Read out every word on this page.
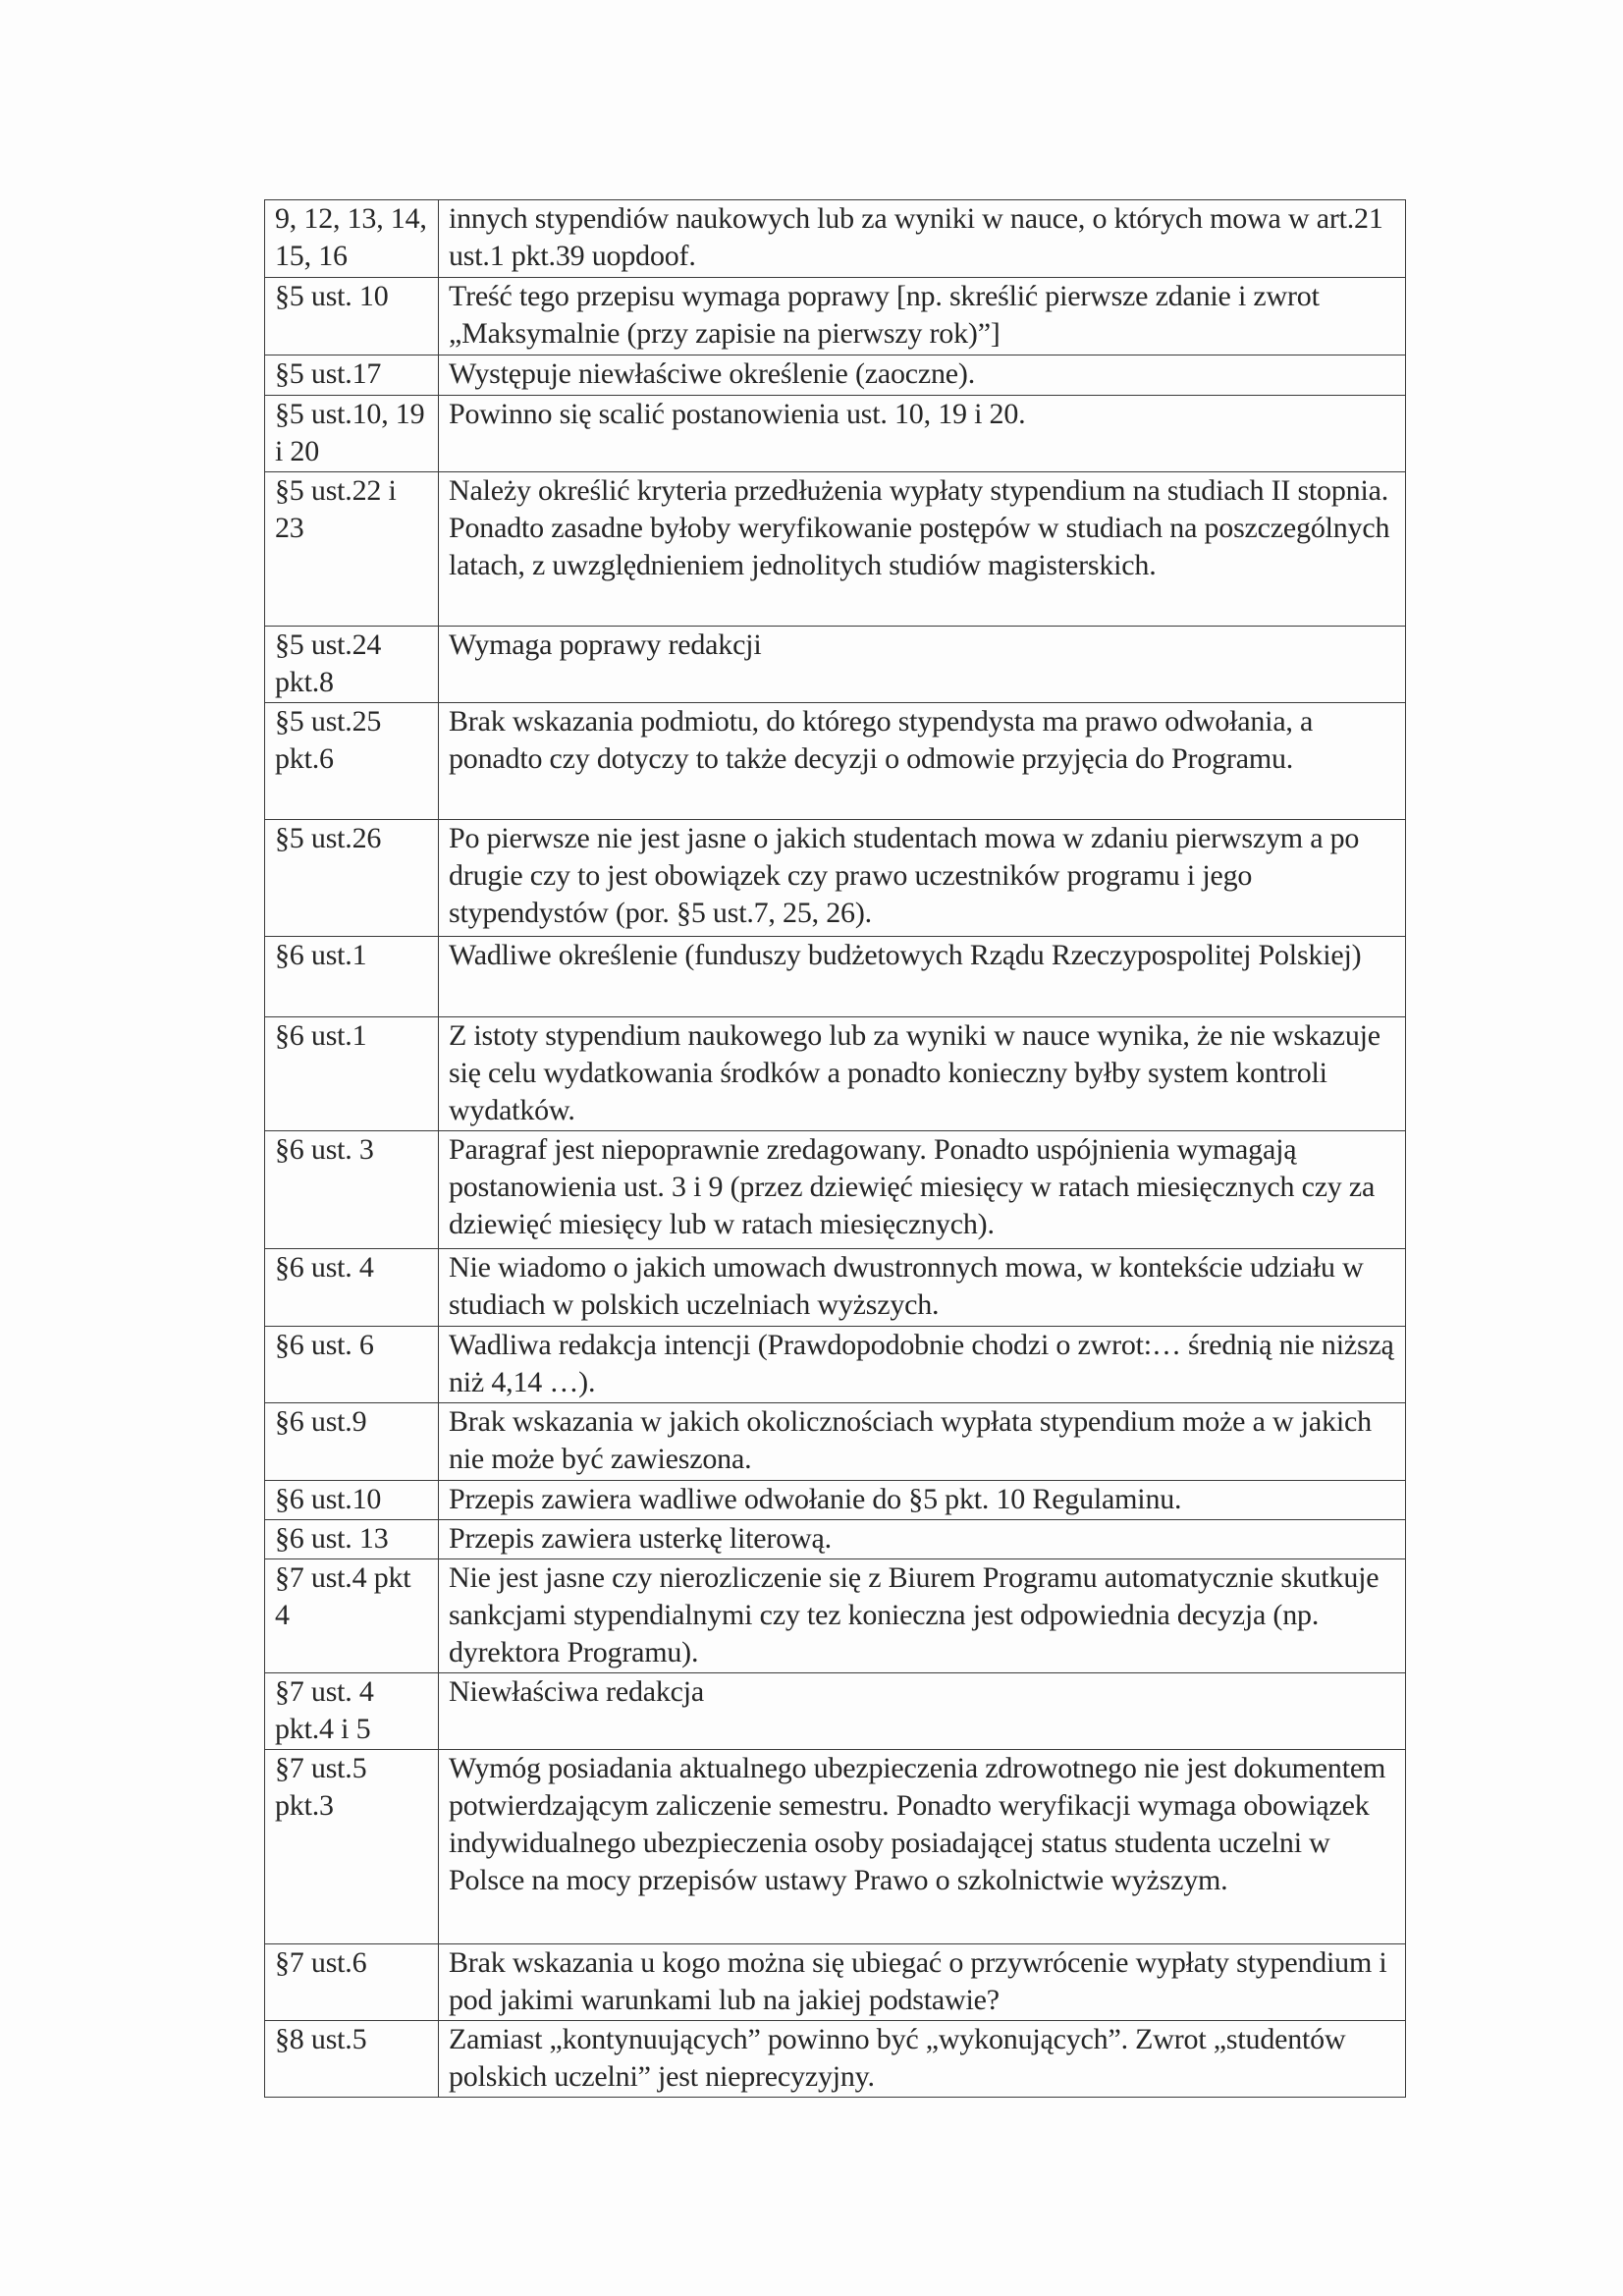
9, 12, 13, 14, 15, 16	innych stypendiów naukowych lub za wyniki w nauce, o których mowa w art.21 ust.1 pkt.39 uopdoof.
§5 ust. 10	Treść tego przepisu wymaga poprawy [np. skreślić pierwsze zdanie i zwrot „Maksymalnie (przy zapisie na pierwszy rok)”]
§5 ust.17	Występuje niewłaściwe określenie (zaoczne).
§5 ust.10, 19 i 20	Powinno się scalić postanowienia ust. 10, 19 i 20.
§5 ust.22 i 23	Należy określić kryteria przedłużenia wypłaty stypendium na studiach II stopnia. Ponadto zasadne byłoby weryfikowanie postępów w studiach na poszczególnych latach, z uwzględnieniem jednolitych studiów magisterskich.
§5 ust.24 pkt.8	Wymaga poprawy redakcji
§5 ust.25 pkt.6	Brak wskazania podmiotu, do którego stypendysta ma prawo odwołania, a ponadto czy dotyczy to także decyzji o odmowie przyjęcia do Programu.
§5 ust.26	Po pierwsze nie jest jasne o jakich studentach mowa w zdaniu pierwszym a po drugie czy to jest obowiązek czy prawo uczestników programu i jego stypendystów (por. §5 ust.7, 25, 26).
§6 ust.1	Wadliwe określenie (funduszy budżetowych Rządu Rzeczypospolitej Polskiej)
§6 ust.1	Z istoty stypendium naukowego lub za wyniki w nauce wynika, że nie wskazuje się celu wydatkowania środków a ponadto konieczny byłby system kontroli wydatków.
§6 ust. 3	Paragraf jest niepoprawnie zredagowany. Ponadto uspójnienia wymagają postanowienia ust. 3 i 9 (przez dziewięć miesięcy w ratach miesięcznych czy za dziewięć miesięcy lub w ratach miesięcznych).
§6 ust. 4	Nie wiadomo o jakich umowach dwustronnych mowa, w kontekście udziału w studiach w polskich uczelniach wyższych.
§6 ust. 6	Wadliwa redakcja intencji (Prawdopodobnie chodzi o zwrot:… średnią nie niższą niż 4,14 …).
§6 ust.9	Brak wskazania w jakich okolicznościach wypłata stypendium może a w jakich nie może być zawieszona.
§6 ust.10	Przepis zawiera wadliwe odwołanie do §5 pkt. 10 Regulaminu.
§6 ust. 13	Przepis zawiera usterkę literową.
§7 ust.4 pkt 4	Nie jest jasne czy nierozliczenie się z Biurem Programu automatycznie skutkuje sankcjami stypendialnymi czy tez konieczna jest odpowiednia decyzja (np. dyrektora Programu).
§7 ust. 4 pkt.4 i 5	Niewłaściwa redakcja
§7 ust.5 pkt.3	Wymóg posiadania aktualnego ubezpieczenia zdrowotnego nie jest dokumentem potwierdzającym zaliczenie semestru. Ponadto weryfikacji wymaga obowiązek indywidualnego ubezpieczenia osoby posiadającej status studenta uczelni w Polsce na mocy przepisów ustawy Prawo o szkolnictwie wyższym.
§7 ust.6	Brak wskazania u kogo można się ubiegać o przywrócenie wypłaty stypendium i pod jakimi warunkami lub na jakiej podstawie?
§8 ust.5	Zamiast „kontynuujących” powinno być „wykonujących”. Zwrot „studentów polskich uczelni” jest nieprecyzyjny.
